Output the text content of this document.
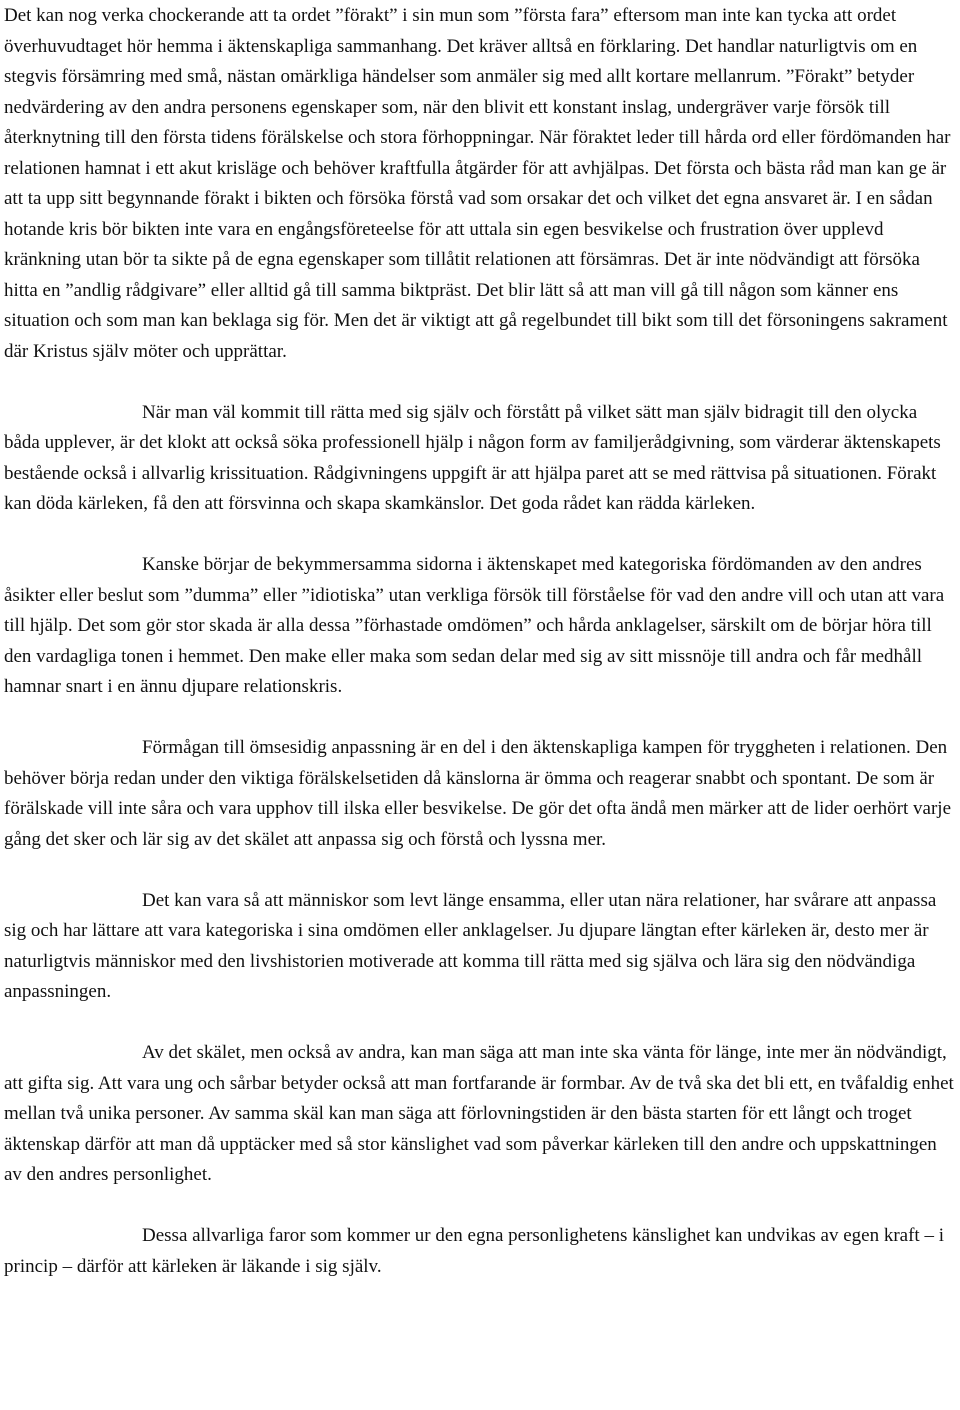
Det kan nog verka chockerande att ta ordet ”förakt” i sin mun som ”första fara” eftersom man inte kan tycka att ordet överhuvudtaget hör hemma i äktenskapliga sammanhang. Det kräver alltså en förklaring. Det handlar naturligtvis om en stegvis försämring med små, nästan omärkliga händelser som anmäler sig med allt kortare mellanrum. ”Förakt” betyder nedvärdering av den andra personens egenskaper som, när den blivit ett konstant inslag, undergräver varje försök till återknytning till den första tidens förälskelse och stora förhoppningar. När föraktet leder till hårda ord eller fördömanden har relationen hamnat i ett akut krisläge och behöver kraftfulla åtgärder för att avhjälpas. Det första och bästa råd man kan ge är att ta upp sitt begynnande förakt i bikten och försöka förstå vad som orsakar det och vilket det egna ansvaret är. I en sådan hotande kris bör bikten inte vara en engångsföreteelse för att uttala sin egen besvikelse och frustration över upplevd kränkning utan bör ta sikte på de egna egenskaper som tillåtit relationen att försämras. Det är inte nödvändigt att försöka hitta en ”andlig rådgivare” eller alltid gå till samma biktpräst. Det blir lätt så att man vill gå till någon som känner ens situation och som man kan beklaga sig för. Men det är viktigt att gå regelbundet till bikt som till det försoningens sakrament där Kristus själv möter och upprättar.

När man väl kommit till rätta med sig själv och förstått på vilket sätt man själv bidragit till den olycka båda upplever, är det klokt att också söka professionell hjälp i någon form av familjerådgivning, som värderar äktenskapets bestående också i allvarlig krissituation. Rådgivningens uppgift är att hjälpa paret att se med rättvisa på situationen. Förakt kan döda kärleken, få den att försvinna och skapa skamkänslor. Det goda rådet kan rädda kärleken.

Kanske börjar de bekymmersamma sidorna i äktenskapet med kategoriska fördömanden av den andres åsikter eller beslut som ”dumma” eller ”idiotiska” utan verkliga försök till förståelse för vad den andre vill och utan att vara till hjälp. Det som gör stor skada är alla dessa ”förhastade omdömen” och hårda anklagelser, särskilt om de börjar höra till den vardagliga tonen i hemmet. Den make eller maka som sedan delar med sig av sitt missnöje till andra och får medhåll hamnar snart i en ännu djupare relationskris.

Förmågan till ömsesidig anpassning är en del i den äktenskapliga kampen för tryggheten i relationen. Den behöver börja redan under den viktiga förälskelsetiden då känslorna är ömma och reagerar snabbt och spontant. De som är förälskade vill inte såra och vara upphov till ilska eller besvikelse. De gör det ofta ändå men märker att de lider oerhört varje gång det sker och lär sig av det skälet att anpassa sig och förstå och lyssna mer.

Det kan vara så att människor som levt länge ensamma, eller utan nära relationer, har svårare att anpassa sig och har lättare att vara kategoriska i sina omdömen eller anklagelser. Ju djupare längtan efter kärleken är, desto mer är naturligtvis människor med den livshistorien motiverade att komma till rätta med sig själva och lära sig den nödvändiga anpassningen.

Av det skälet, men också av andra, kan man säga att man inte ska vänta för länge, inte mer än nödvändigt, att gifta sig. Att vara ung och sårbar betyder också att man fortfarande är formbar. Av de två ska det bli ett, en tvåfaldig enhet mellan två unika personer. Av samma skäl kan man säga att förlovningstiden är den bästa starten för ett långt och troget äktenskap därför att man då upptäcker med så stor känslighet vad som påverkar kärleken till den andre och uppskattningen av den andres personlighet.

Dessa allvarliga faror som kommer ur den egna personlighetens känslighet kan undvikas av egen kraft – i princip – därför att kärleken är läkande i sig själv.
